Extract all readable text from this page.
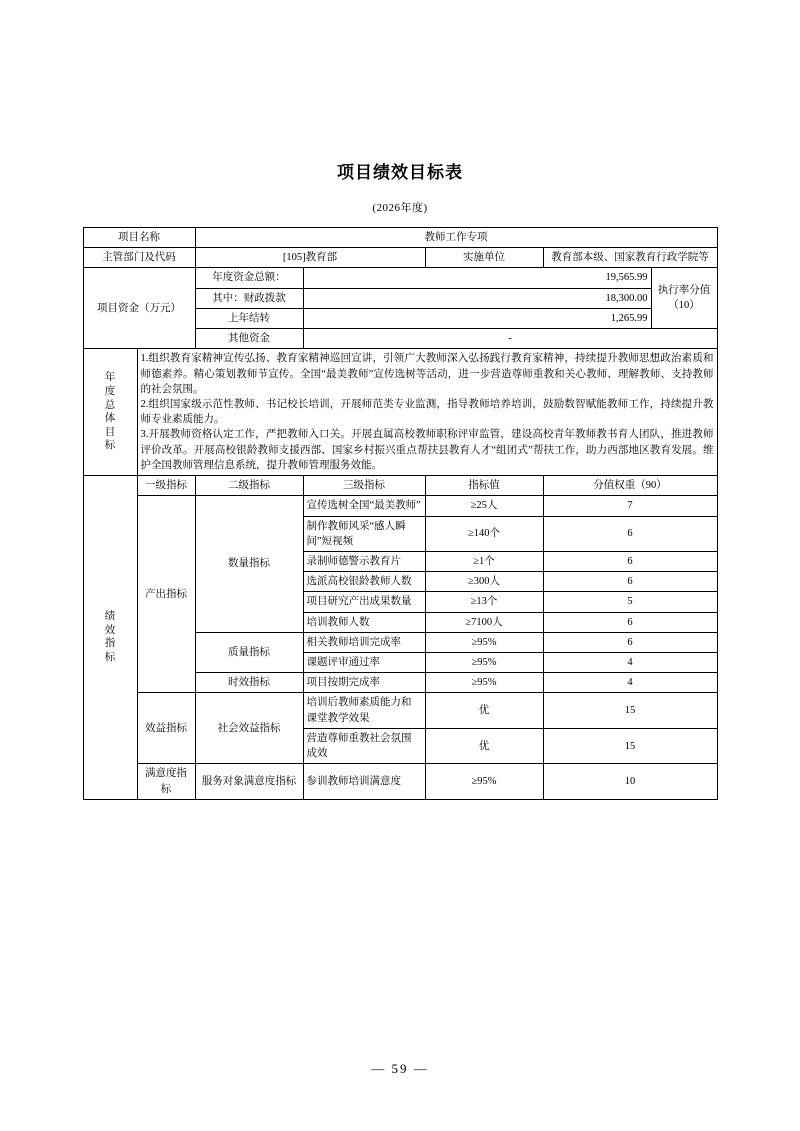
项目绩效目标表
(2026年度)
项目名称		教师工作专项				
主管部门及代码		[105]教育部		实施单位	教育部本级、国家教育行政学院等	
项目资金（万元）		年度资金总额：	19,565.99			执行率分值（10）
		其中：财政拨款	18,300.00			
		上年结转	1,265.99			
		其他资金	-			

年
度
总
体
目
标

1.组织教育家精神宣传弘扬、教育家精神巡回宣讲，引领广大教师深入弘扬践行教育家精神，持续提升教师思想政治素质和师德素养。精心策划教师节宣传。全国“最美教师”宣传选树等活动，进一步营造尊师重教和关心教师、理解教师、支持教师的社会氛围。

2.组织国家级示范性教师、书记校长培训，开展师范类专业监测，指导教师培养培训，鼓励数智赋能教师工作，持续提升教师专业素质能力。

3.开展教师资格认定工作，严把教师入口关。开展直属高校教师职称评审监管，建设高校青年教师教书育人团队，推进教师评价改革。开展高校银龄教师支援西部、国家乡村振兴重点帮扶县教育人才“组团式”帮扶工作，助力西部地区教育发展。维护全国教师管理信息系统，提升教师管理服务效能。

绩
效
指
标	一级指标	二级指标	三级指标	指标值	分值权重（90）	
	产出指标	数量指标	宣传选树全国“最美教师”	≥25人	7	
			制作教师风采“感人瞬间”短视频	≥140个	6	
			录制师德警示教育片	≥1个	6	
			选派高校银龄教师人数	≥300人	6	
			项目研究产出成果数量	≥13个	5	
			培训教师人数	≥7100人	6	
		质量指标	相关教师培训完成率	≥95%	6	
			课题评审通过率	≥95%	4	
		时效指标	项目按期完成率	≥95%	4	
	效益指标	社会效益指标	培训后教师素质能力和课堂教学效果	优	15	
			营造尊师重教社会氛围成效	优	15	
	满意度指标	服务对象满意度指标	参训教师培训满意度	≥95%	10	
— 59 —
